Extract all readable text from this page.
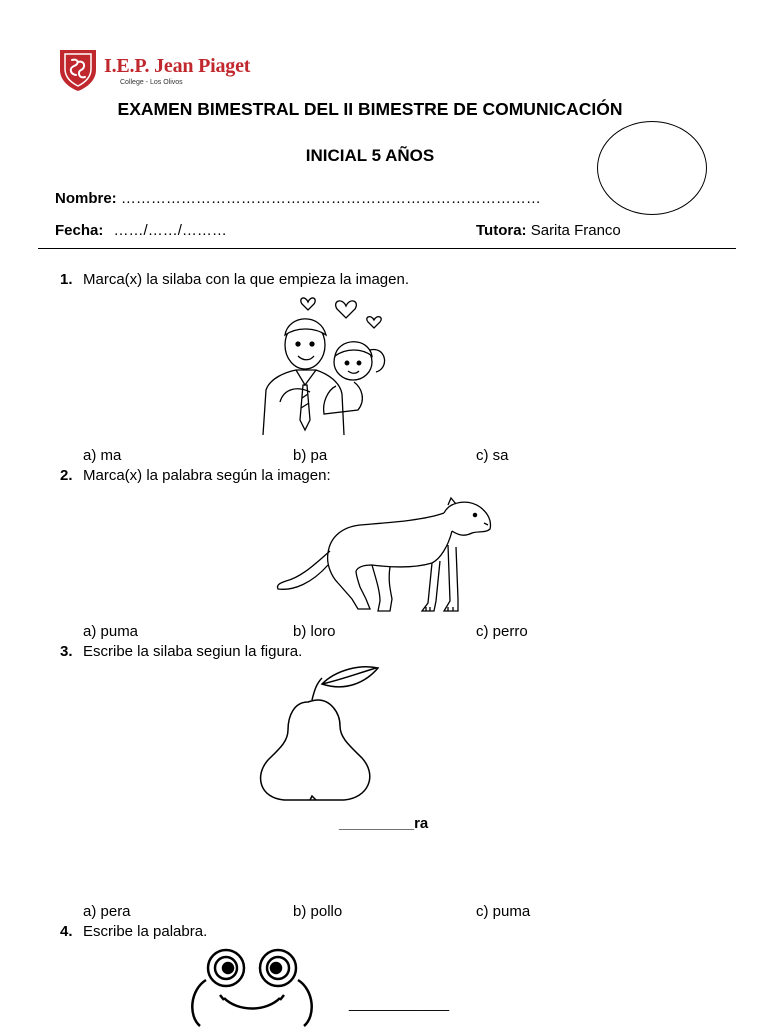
I.E.P. Jean Piaget
College - Los Olivos
EXAMEN BIMESTRAL DEL II BIMESTRE DE COMUNICACIÓN
INICIAL 5 AÑOS
Nombre: …………………………………………………………………………
Fecha: ……/……/………	Tutora: Sarita Franco
1. Marca(x) la silaba con la que empieza la imagen.
a) ma	b) pa	c) sa
2. Marca(x) la palabra según la imagen:
a) puma	b) loro	c) perro
3. Escribe la silaba segiun la figura.
_________ra
a) pera	b) pollo	c) puma
4. Escribe la palabra.
____________
